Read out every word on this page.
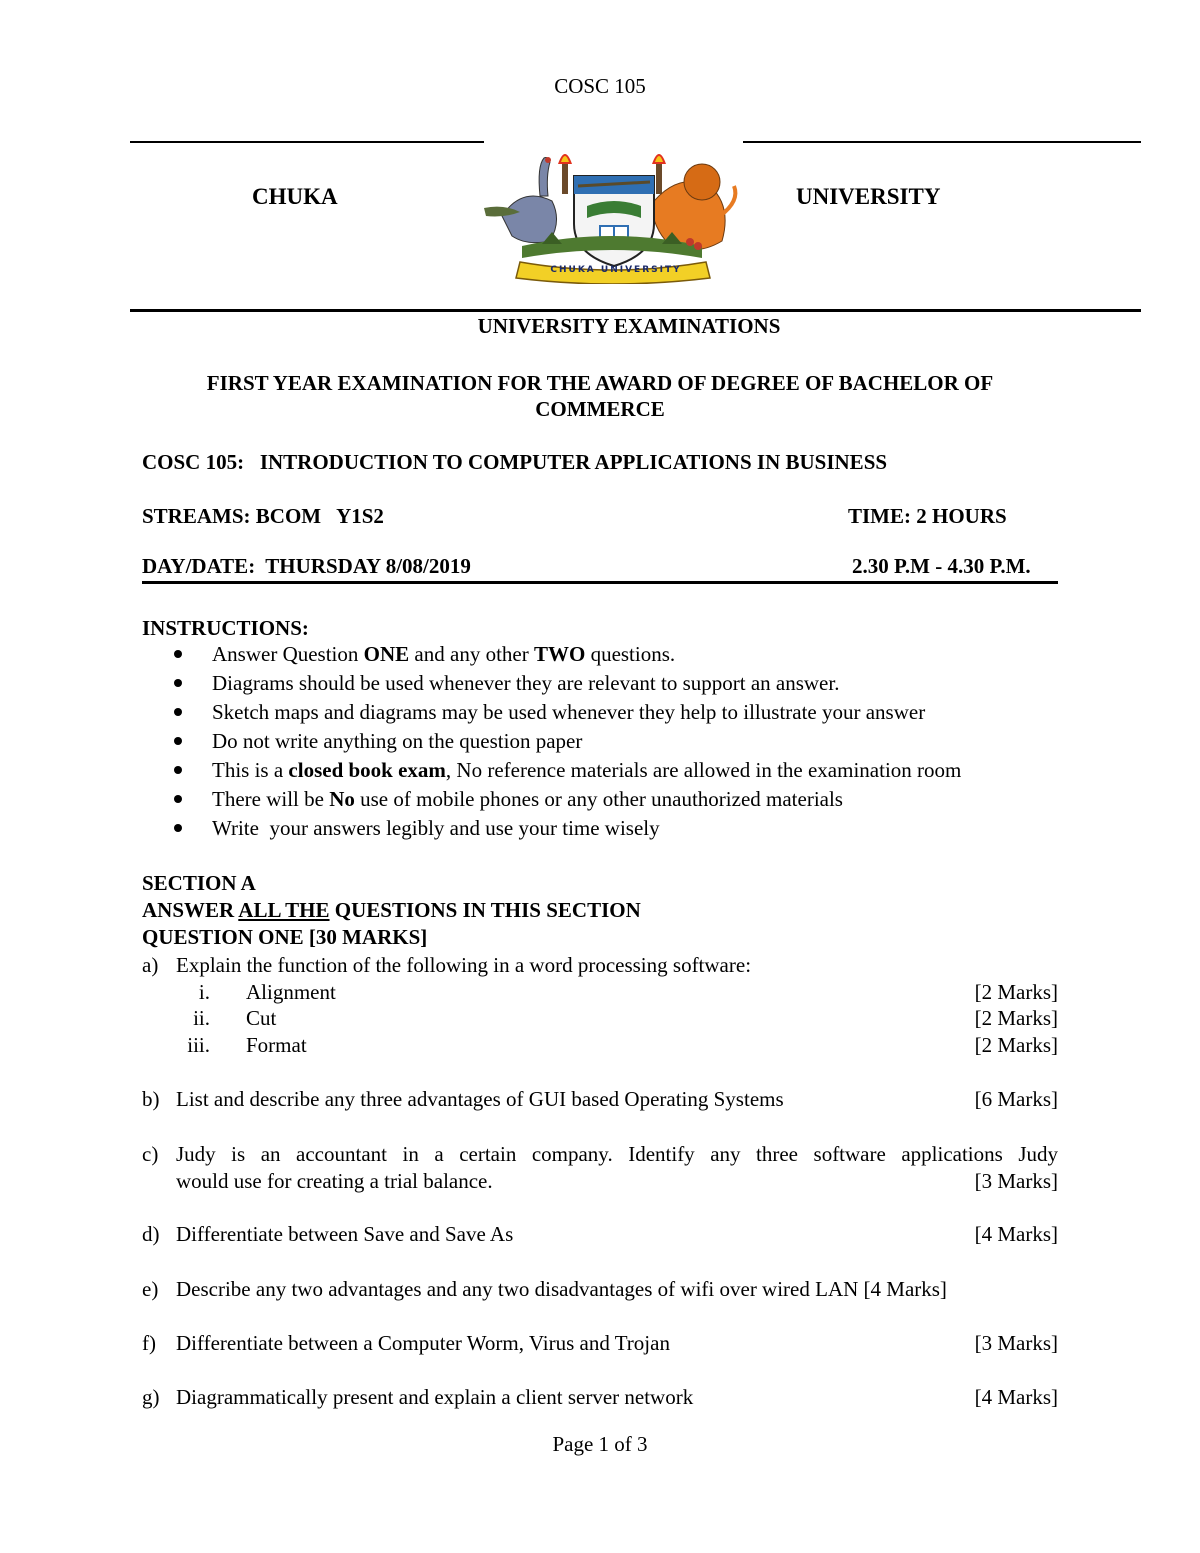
COSC 105
CHUKA	UNIVERSITY
CHUKA UNIVERSITY
UNIVERSITY EXAMINATIONS
FIRST YEAR EXAMINATION FOR THE AWARD OF DEGREE OF BACHELOR OF
COMMERCE
COSC 105:   INTRODUCTION TO COMPUTER APPLICATIONS IN BUSINESS
STREAMS: BCOM   Y1S2	TIME: 2 HOURS
DAY/DATE:  THURSDAY 8/08/2019	2.30 P.M - 4.30 P.M.
INSTRUCTIONS:
Answer Question ONE and any other TWO questions.
Diagrams should be used whenever they are relevant to support an answer.
Sketch maps and diagrams may be used whenever they help to illustrate your answer
Do not write anything on the question paper
This is a closed book exam, No reference materials are allowed in the examination room
There will be No use of mobile phones or any other unauthorized materials
Write  your answers legibly and use your time wisely
SECTION A
ANSWER ALL THE QUESTIONS IN THIS SECTION
QUESTION ONE [30 MARKS]
a) Explain the function of the following in a word processing software:
i. Alignment	[2 Marks]
ii. Cut	[2 Marks]
iii. Format	[2 Marks]
b) List and describe any three advantages of GUI based Operating Systems	[6 Marks]
c) Judy is an accountant in a certain company. Identify any three software applications Judy
would use for creating a trial balance.	[3 Marks]
d) Differentiate between Save and Save As	[4 Marks]
e) Describe any two advantages and any two disadvantages of wifi over wired LAN [4 Marks]
f) Differentiate between a Computer Worm, Virus and Trojan	[3 Marks]
g) Diagrammatically present and explain a client server network	[4 Marks]
Page 1 of 3
